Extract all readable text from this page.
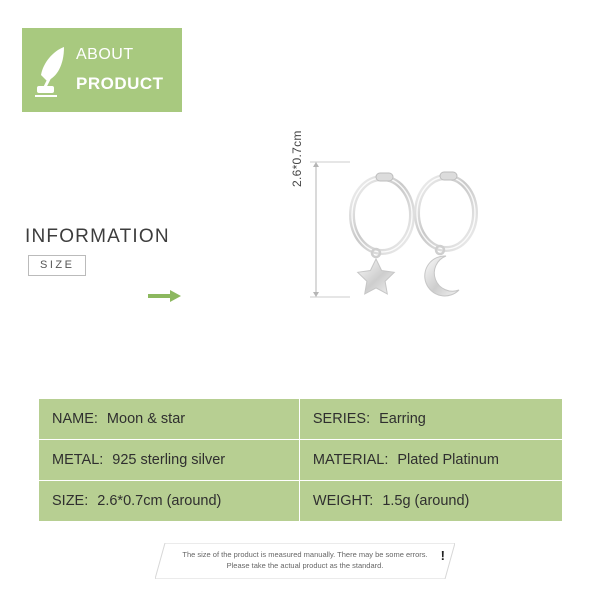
ABOUT
PRODUCT
INFORMATION
SIZE
2.6*0.7cm
NAME: Moon & star	SERIES: Earring
METAL: 925 sterling silver	MATERIAL: Plated Platinum
SIZE: 2.6*0.7cm (around)	WEIGHT: 1.5g (around)
The size of the product is measured manually. There may be some errors.
Please take the actual product as the standard.
!
